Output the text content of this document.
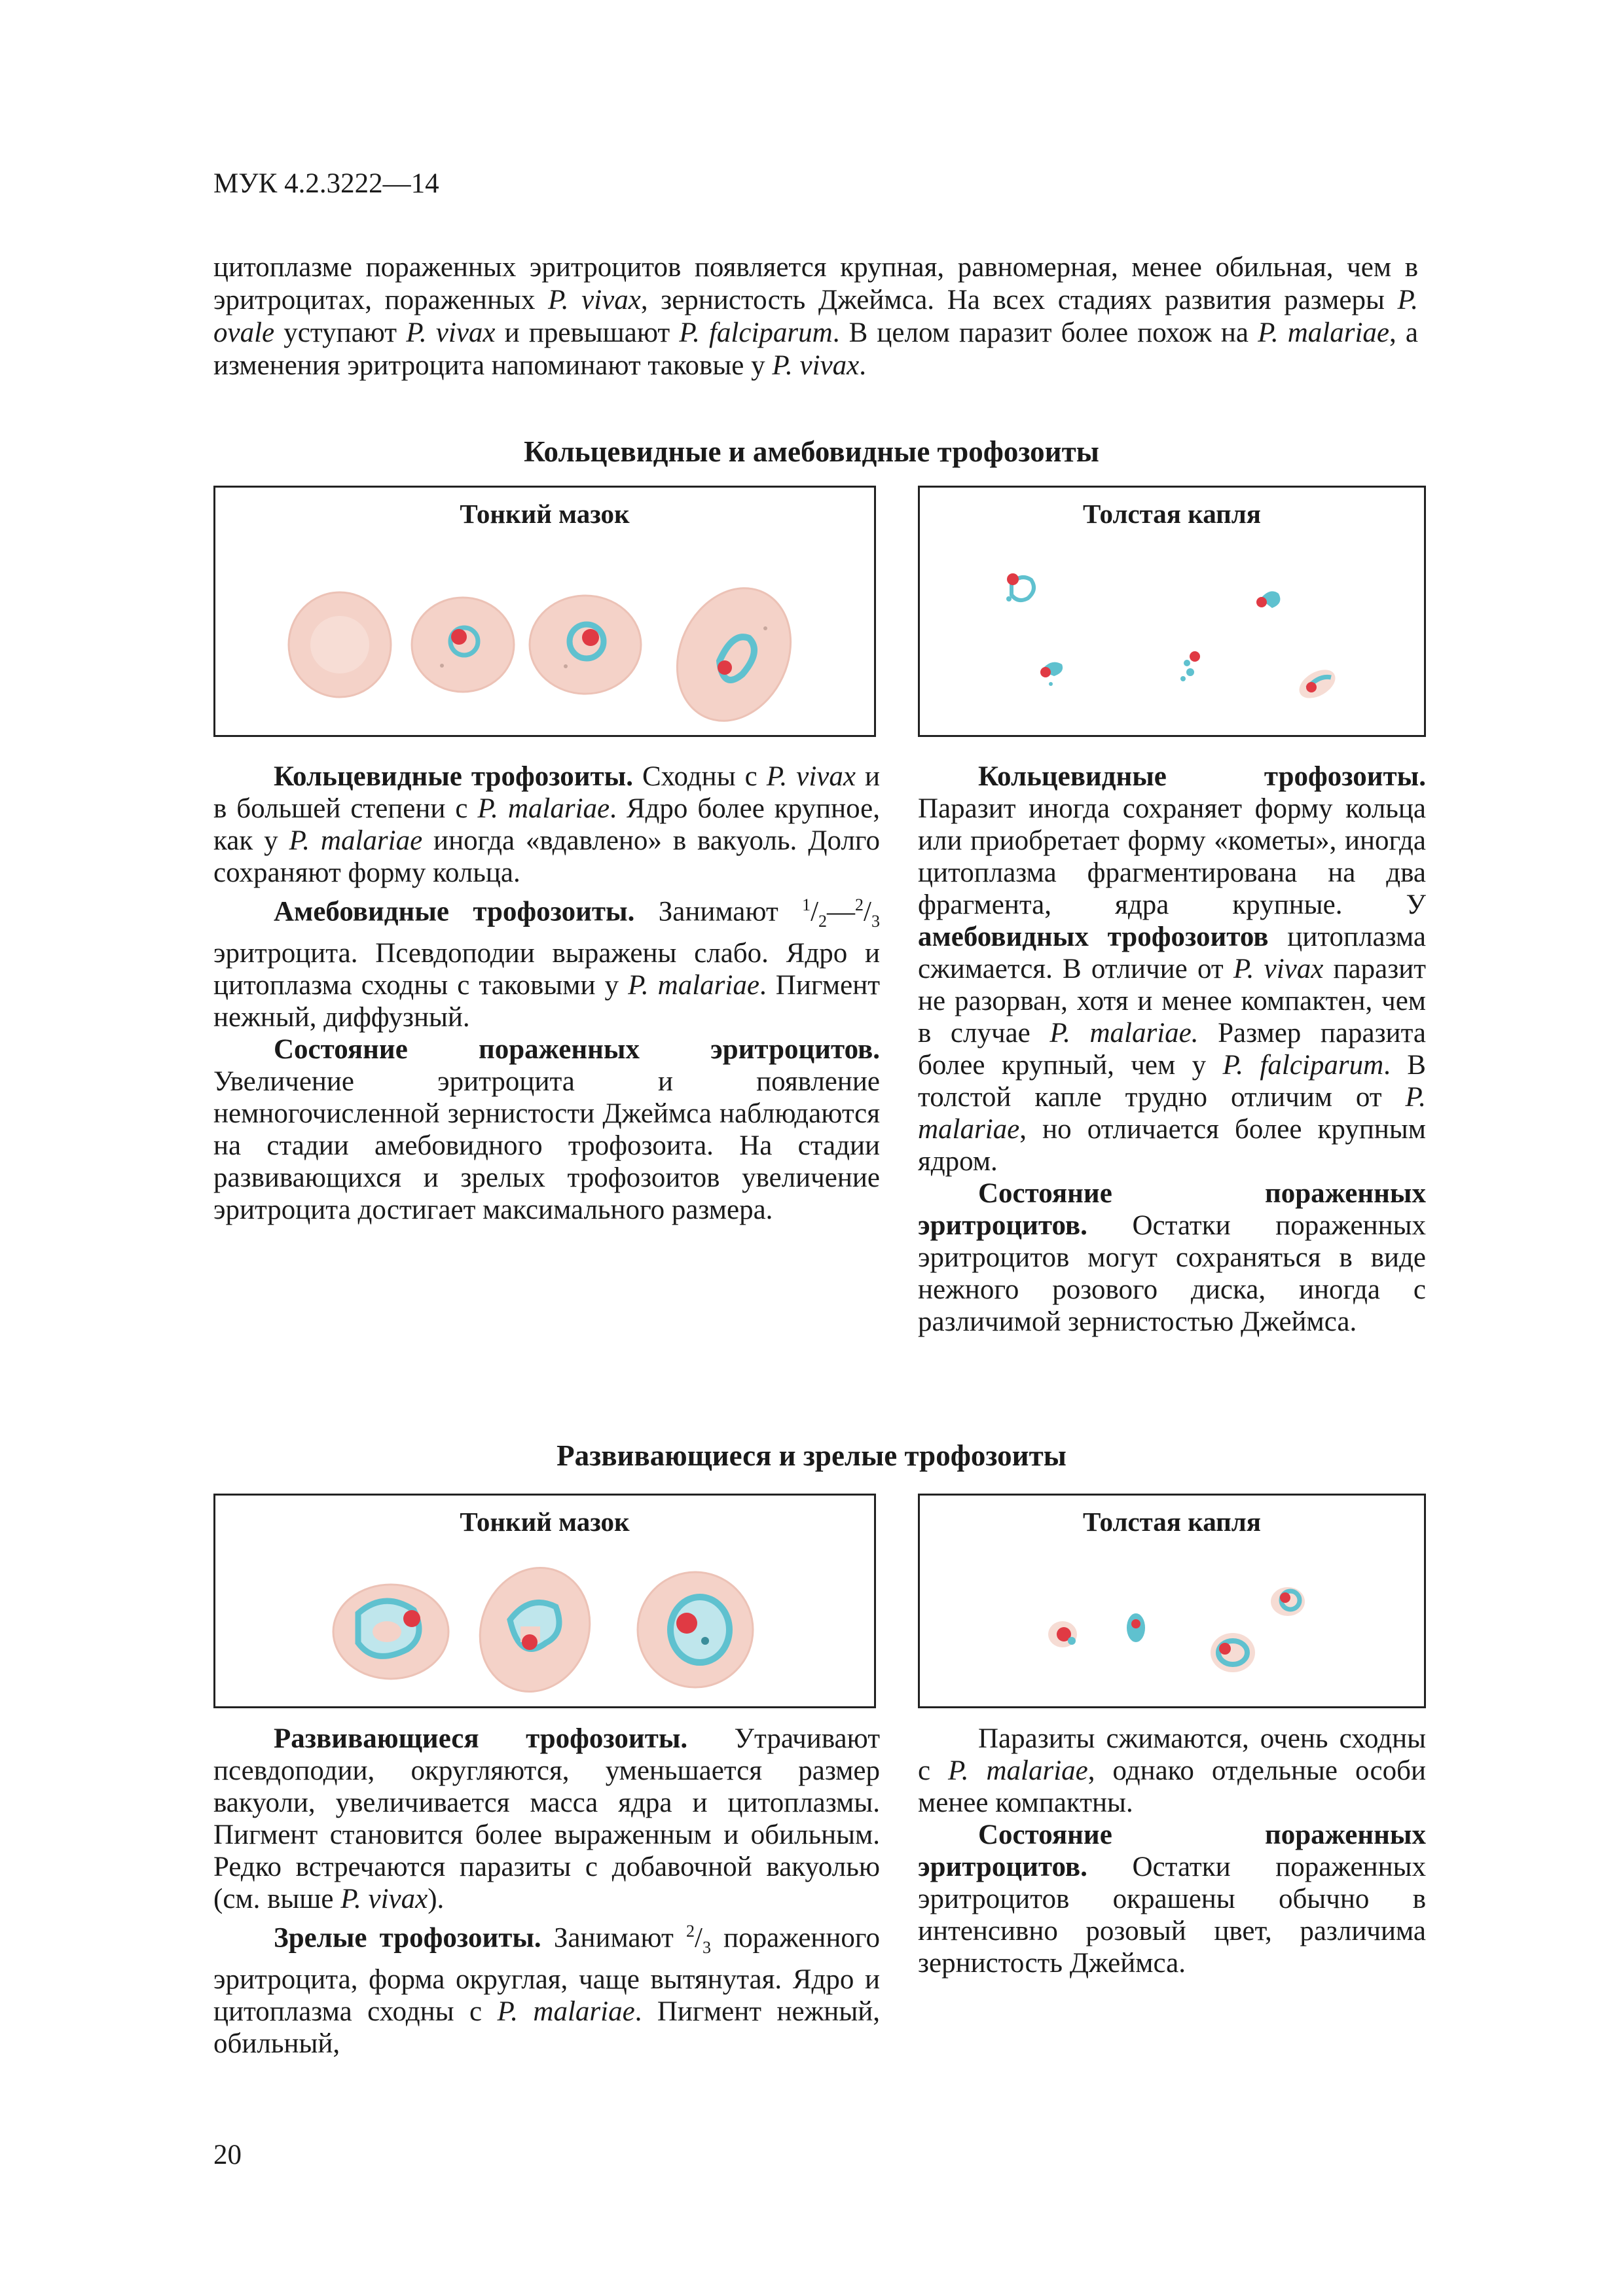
МУК 4.2.3222—14

цитоплазме пораженных эритроцитов появляется крупная, равномерная, менее обильная, чем в эритроцитах, пораженных P. vivax, зернистость Джеймса. На всех стадиях развития размеры P. ovale уступают P. vivax и превышают P. falciparum. В целом паразит более похож на P. malariae, а изменения эритроцита напоминают таковые у P. vivax.

Кольцевидные и амебовидные трофозоиты
Тонкий мазок	Толстая капля

Кольцевидные трофозоиты. Сходны с P. vivax и в большей степени с P. malariae. Ядро более крупное, как у P. malariae иногда «вдавлено» в вакуоль. Долго сохраняют форму кольца.

Амебовидные трофозоиты. Занимают $^1/_2—^2/_3$ эритроцита. Псевдоподии выражены слабо. Ядро и цитоплазма сходны с таковыми у P. malariae. Пигмент нежный, диффузный.

Состояние пораженных эритроцитов. Увеличение эритроцита и появление немногочисленной зернистости Джеймса наблюдаются на стадии амебовидного трофозоита. На стадии развивающихся и зрелых трофозоитов увеличение эритроцита достигает максимального размера.

Кольцевидные трофозоиты. Паразит иногда сохраняет форму кольца или приобретает форму «кометы», иногда цитоплазма фрагментирована на два фрагмента, ядра крупные. У амебовидных трофозоитов цитоплазма сжимается. В отличие от P. vivax паразит не разорван, хотя и менее компактен, чем в случае P. malariae. Размер паразита более крупный, чем у P. falciparum. В толстой капле трудно отличим от P. malariae, но отличается более крупным ядром.

Состояние пораженных эритроцитов. Остатки пораженных эритроцитов могут сохраняться в виде нежного розового диска, иногда с различимой зернистостью Джеймса.

Развивающиеся и зрелые трофозоиты
Тонкий мазок	Толстая капля

Развивающиеся трофозоиты. Утрачивают псевдоподии, округляются, уменьшается размер вакуоли, увеличивается масса ядра и цитоплазмы. Пигмент становится более выраженным и обильным. Редко встречаются паразиты с добавочной вакуолью (см. выше P. vivax).

Зрелые трофозоиты. Занимают $^2/_3$ пораженного эритроцита, форма округлая, чаще вытянутая. Ядро и цитоплазма сходны с P. malariae. Пигмент нежный, обильный,

Паразиты сжимаются, очень сходны с P. malariae, однако отдельные особи менее компактны.

Состояние пораженных эритроцитов. Остатки пораженных эритроцитов окрашены обычно в интенсивно розовый цвет, различима зернистость Джеймса.

20
